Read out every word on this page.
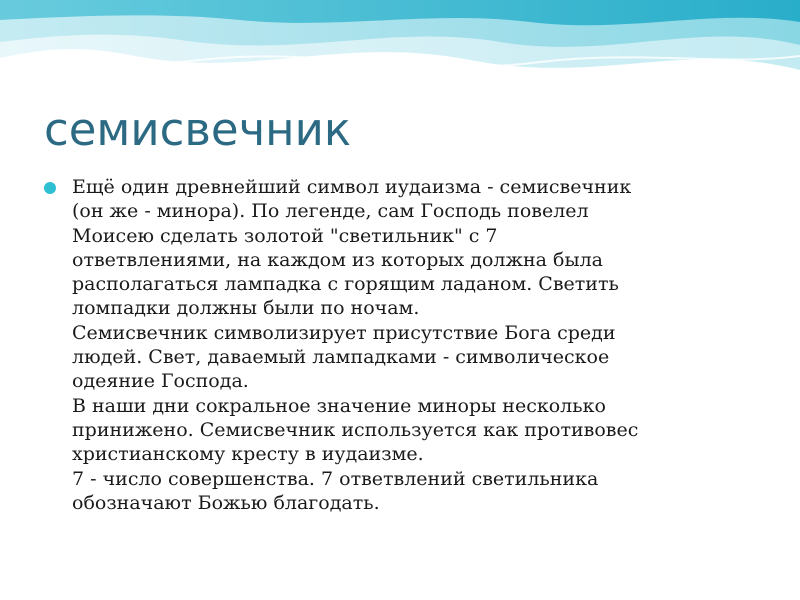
семисвечник
Ещё один древнейший символ иудаизма - семисвечник
(он же - минора). По легенде, сам Господь повелел
Моисею сделать золотой "светильник" с 7
ответвлениями, на каждом из которых должна была
располагаться лампадка с горящим ладаном. Светить
ломпадки должны были по ночам.
Семисвечник символизирует присутствие Бога среди
людей. Свет, даваемый лампадками - символическое
одеяние Господа.
В наши дни сокральное значение миноры несколько
принижено. Семисвечник используется как противовес
христианскому кресту в иудаизме.
7 - число совершенства. 7 ответвлений светильника
обозначают Божью благодать.
